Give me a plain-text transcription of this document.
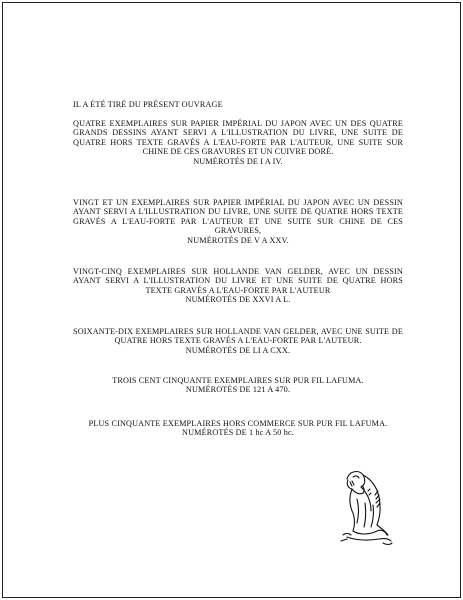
IL A ÉTÉ TIRÉ DU PRÉSENT OUVRAGE
QUATRE EXEMPLAIRES SUR PAPIER IMPÉRIAL DU JAPON AVEC UN DES QUATRE GRANDS DESSINS AYANT SERVI A L'ILLUSTRATION DU LIVRE, UNE SUITE DE QUATRE HORS TEXTE GRAVÉS A L'EAU-FORTE PAR L'AUTEUR, UNE SUITE SUR CHINE DE CES GRAVURES ET UN CUIVRE DORÉ.
NUMÉROTÉS DE I A IV.
VINGT ET UN EXEMPLAIRES SUR PAPIER IMPÉRIAL DU JAPON AVEC UN DESSIN AYANT SERVI A L'ILLUSTRATION DU LIVRE, UNE SUITE DE QUATRE HORS TEXTE GRAVÉS A L'EAU-FORTE PAR L'AUTEUR ET UNE SUITE SUR CHINE DE CES GRAVURES,
NUMÉROTÉS DE V A XXV.
VINGT-CINQ EXEMPLAIRES SUR HOLLANDE VAN GELDER, AVEC UN DESSIN AYANT SERVI A L'ILLUSTRATION DU LIVRE ET UNE SUITE DE QUATRE HORS TEXTE GRAVÉS A L'EAU-FORTE PAR L'AUTEUR
NUMÉROTÉS DE XXVI A L.
SOIXANTE-DIX EXEMPLAIRES SUR HOLLANDE VAN GELDER, AVEC UNE SUITE DE QUATRE HORS TEXTE GRAVÉS A L'EAU-FORTE PAR L'AUTEUR.
NUMÉROTÉS DE LI A CXX.
TROIS CENT CINQUANTE EXEMPLAIRES SUR PUR FIL LAFUMA.
NUMÉROTÉS DE 121 A 470.
PLUS CINQUANTE EXEMPLAIRES HORS COMMERCE SUR PUR FIL LAFUMA.
NUMÉROTÉS DE 1 hc A 50 hc.
